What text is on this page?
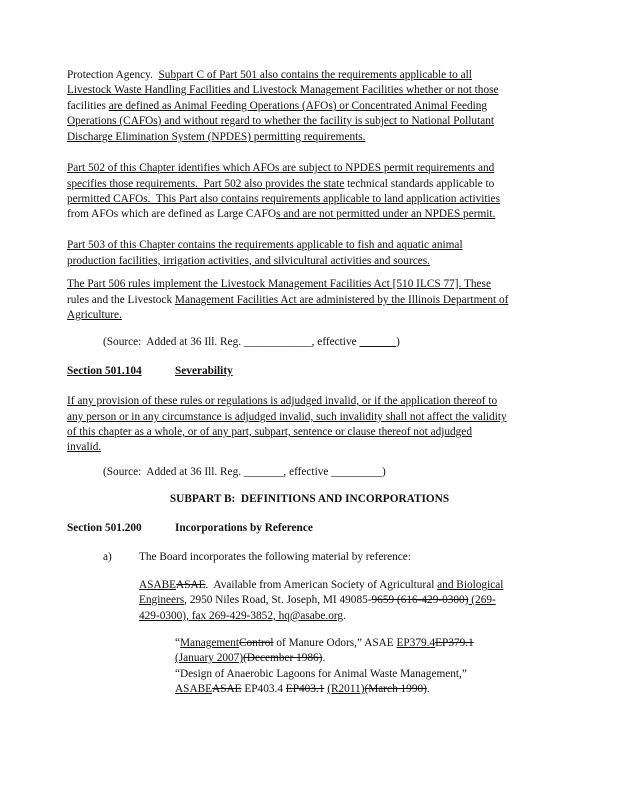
Protection Agency.  Subpart C of Part 501 also contains the requirements applicable to all
Livestock Waste Handling Facilities and Livestock Management Facilities whether or not those
facilities are defined as Animal Feeding Operations (AFOs) or Concentrated Animal Feeding
Operations (CAFOs) and without regard to whether the facility is subject to National Pollutant
Discharge Elimination System (NPDES) permitting requirements.
Part 502 of this Chapter identifies which AFOs are subject to NPDES permit requirements and
specifies those requirements.  Part 502 also provides the state technical standards applicable to
permitted CAFOs.  This Part also contains requirements applicable to land application activities
from AFOs which are defined as Large CAFOs and are not permitted under an NPDES permit.
Part 503 of this Chapter contains the requirements applicable to fish and aquatic animal
production facilities, irrigation activities, and silvicultural activities and sources.
The Part 506 rules implement the Livestock Management Facilities Act [510 ILCS 77]. These
rules and the Livestock Management Facilities Act are administered by the Illinois Department of
Agriculture.
(Source:  Added at 36 Ill. Reg. ____________, effective	)
Section 501.104	Severability
If any provision of these rules or regulations is adjudged invalid, or if the application thereof to
any person or in any circumstance is adjudged invalid, such invalidity shall not affect the validity
of this chapter as a whole, or of any part, subpart, sentence or clause thereof not adjudged
invalid.
(Source:  Added at 36 Ill. Reg. _______, effective _________)
SUBPART B:  DEFINITIONS AND INCORPORATIONS
Section 501.200	Incorporations by Reference
a) The Board incorporates the following material by reference:
ASABEASAE.  Available from American Society of Agricultural and Biological
Engineers, 2950 Niles Road, St. Joseph, MI 49085-9659 (616-429-0300) (269-
429-0300), fax 269-429-3852, hq@asabe.org.
“ManagementControl of Manure Odors,” ASAE EP379.4EP379.1
(January 2007)(December 1986).
“Design of Anaerobic Lagoons for Animal Waste Management,”
ASABEASAE EP403.4 EP403.1 (R2011)(March 1990).
